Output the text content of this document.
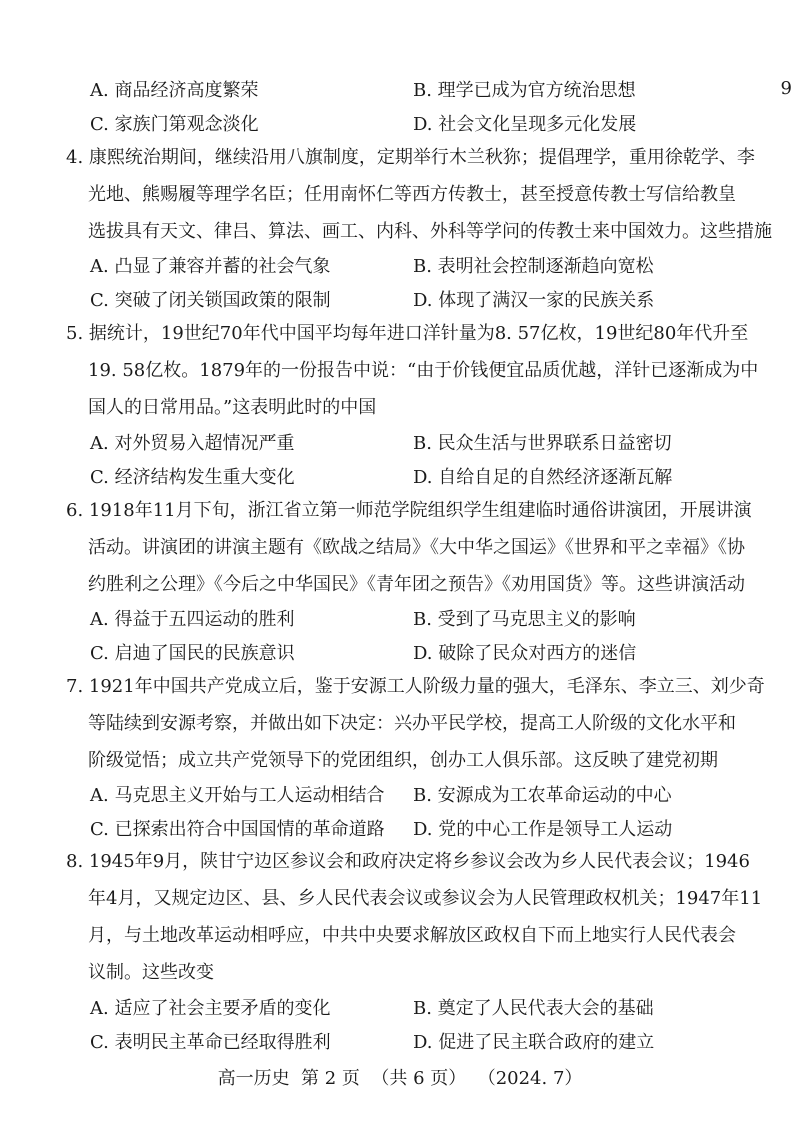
9
A. 商品经济高度繁荣	B. 理学已成为官方统治思想
C. 家族门第观念淡化	D. 社会文化呈现多元化发展

4. 康熙统治期间，继续沿用八旗制度，定期举行木兰秋狝；提倡理学，重用徐乾学、李

光地、熊赐履等理学名臣；任用南怀仁等西方传教士，甚至授意传教士写信给教皇

选拔具有天文、律吕、算法、画工、内科、外科等学问的传教士来中国效力。这些措施

A. 凸显了兼容并蓄的社会气象	B. 表明社会控制逐渐趋向宽松
C. 突破了闭关锁国政策的限制	D. 体现了满汉一家的民族关系

5. 据统计，19世纪70年代中国平均每年进口洋针量为8. 57亿枚，19世纪80年代升至

19. 58亿枚。1879年的一份报告中说：“由于价钱便宜品质优越，洋针已逐渐成为中

国人的日常用品。”这表明此时的中国

A. 对外贸易入超情况严重	B. 民众生活与世界联系日益密切
C. 经济结构发生重大变化	D. 自给自足的自然经济逐渐瓦解

6. 1918年11月下旬，浙江省立第一师范学院组织学生组建临时通俗讲演团，开展讲演

活动。讲演团的讲演主题有《欧战之结局》《大中华之国运》《世界和平之幸福》《协

约胜利之公理》《今后之中华国民》《青年团之预告》《劝用国货》等。这些讲演活动

A. 得益于五四运动的胜利	B. 受到了马克思主义的影响
C. 启迪了国民的民族意识	D. 破除了民众对西方的迷信

7. 1921年中国共产党成立后，鉴于安源工人阶级力量的强大，毛泽东、李立三、刘少奇

等陆续到安源考察，并做出如下决定：兴办平民学校，提高工人阶级的文化水平和

阶级觉悟；成立共产党领导下的党团组织，创办工人俱乐部。这反映了建党初期

A. 马克思主义开始与工人运动相结合 B. 安源成为工农革命运动的中心
C. 已探索出符合中国国情的革命道路 D. 党的中心工作是领导工人运动

8. 1945年9月，陕甘宁边区参议会和政府决定将乡参议会改为乡人民代表会议；1946

年4月，又规定边区、县、乡人民代表会议或参议会为人民管理政权机关；1947年11

月，与土地改革运动相呼应，中共中央要求解放区政权自下而上地实行人民代表会

议制。这些改变

A. 适应了社会主要矛盾的变化	B. 奠定了人民代表大会的基础
C. 表明民主革命已经取得胜利	D. 促进了民主联合政府的建立
高一历史  第 2 页  （共 6 页）  （2024. 7）
